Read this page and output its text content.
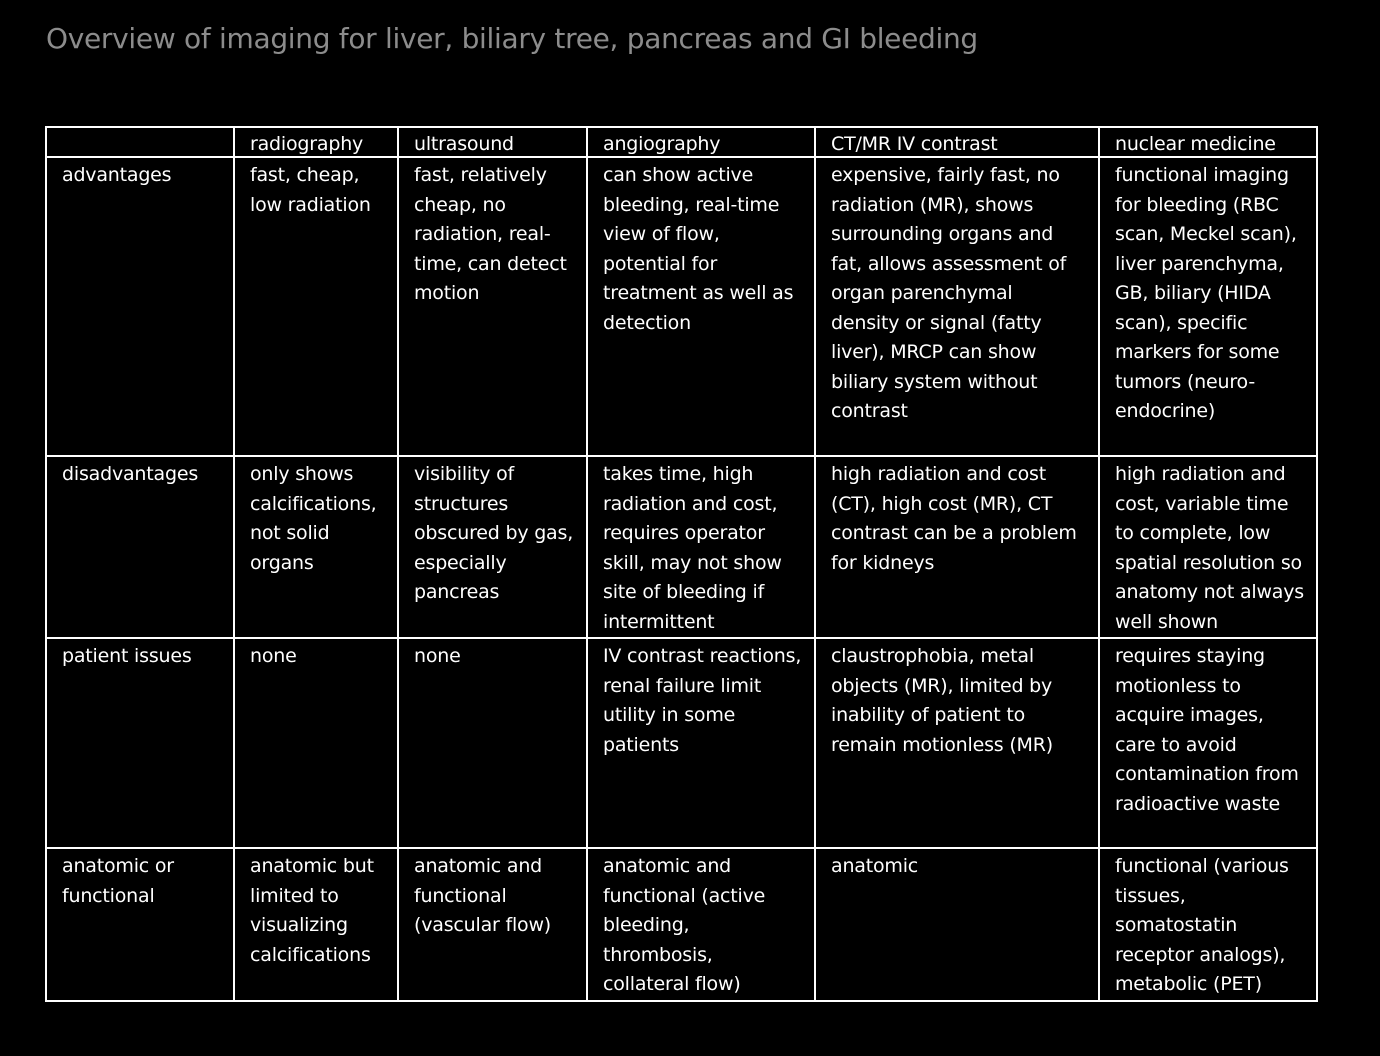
Overview of imaging for liver, biliary tree, pancreas and GI bleeding
	radiography	ultrasound	angiography	CT/MR IV contrast	nuclear medicine
advantages	fast, cheap, low radiation	fast, relatively cheap, no radiation, real-time, can detect motion	can show active bleeding, real-time view of flow, potential for treatment as well as detection	expensive, fairly fast, no radiation (MR), shows surrounding organs and fat, allows assessment of organ parenchymal density or signal (fatty liver), MRCP can show biliary system without contrast	functional imaging for bleeding (RBC scan, Meckel scan), liver parenchyma, GB, biliary (HIDA scan), specific markers for some tumors (neuro-endocrine)
disadvantages	only shows calcifications, not solid organs	visibility of structures obscured by gas, especially pancreas	takes time, high radiation and cost, requires operator skill, may not show site of bleeding if intermittent	high radiation and cost (CT), high cost (MR), CT contrast can be a problem for kidneys	high radiation and cost, variable time to complete, low spatial resolution so anatomy not always well shown
patient issues	none	none	IV contrast reactions, renal failure limit utility in some patients	claustrophobia, metal objects (MR), limited by inability of patient to remain motionless (MR)	requires staying motionless to acquire images, care to avoid contamination from radioactive waste
anatomic or functional	anatomic but limited to visualizing calcifications	anatomic and functional (vascular flow)	anatomic and functional (active bleeding, thrombosis, collateral flow)	anatomic	functional (various tissues, somatostatin receptor analogs), metabolic (PET)
